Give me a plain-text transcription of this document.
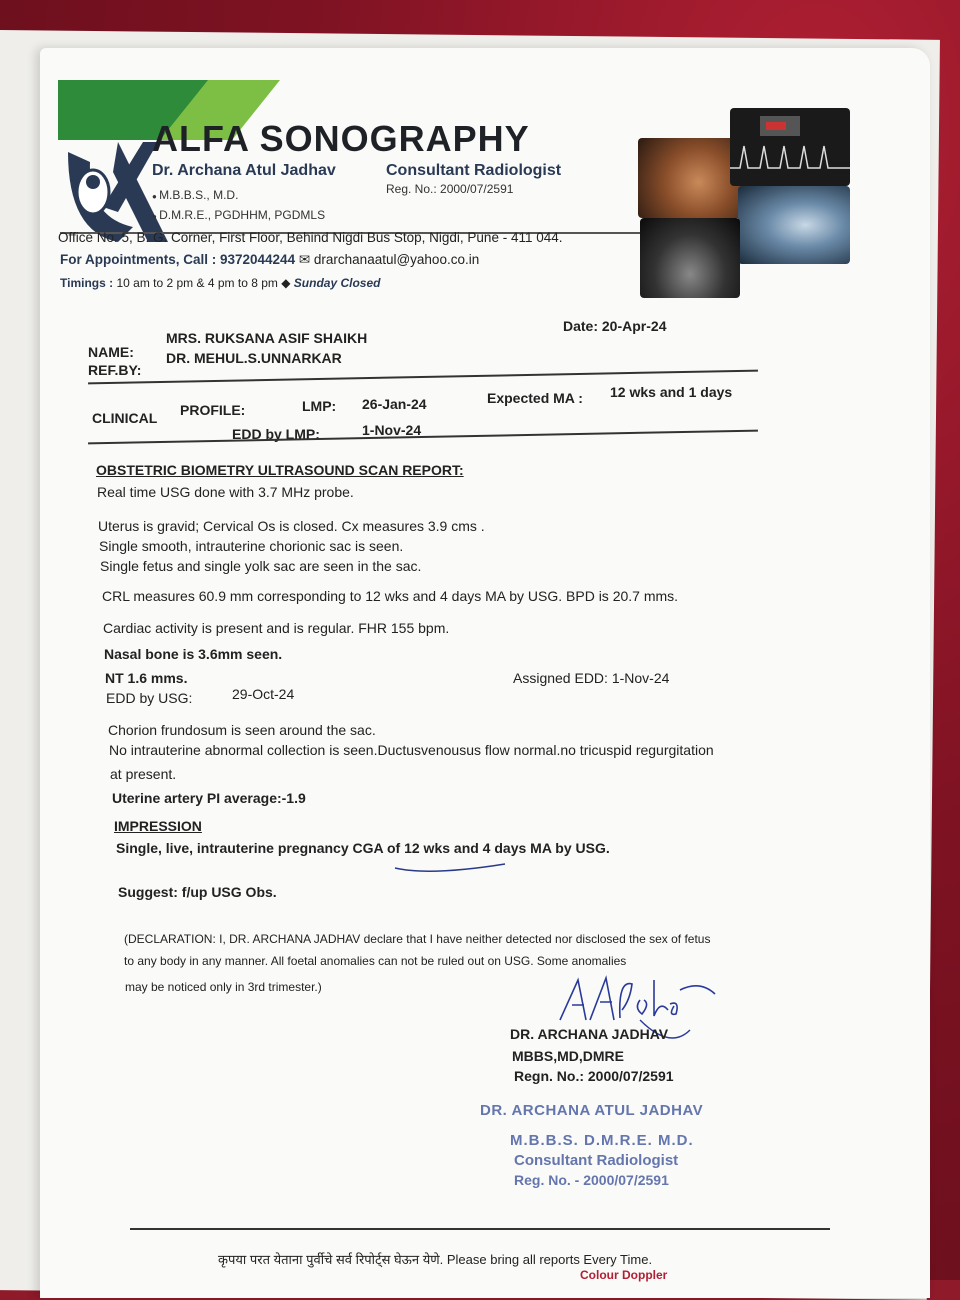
ALFA SONOGRAPHY
Dr. Archana Atul Jadhav	Consultant Radiologist
Reg. No.: 2000/07/2591
● M.B.B.S., M.D.
● D.M.R.E., PGDHHM, PGDMLS
Office No. 5, B. G. Corner, First Floor, Behind Nigdi Bus Stop, Nigdi, Pune - 411 044.
For Appointments, Call : 9372044244 ✉ drarchanaatul@yahoo.co.in
Timings : 10 am to 2 pm & 4 pm to 8 pm ◆ Sunday Closed
Date: 20-Apr-24
NAME:
MRS. RUKSANA ASIF SHAIKH
REF.BY:
DR. MEHUL.S.UNNARKAR
CLINICAL PROFILE:	LMP: 26-Jan-24	Expected MA : 12 wks and 1 days
EDD by LMP:	1-Nov-24
OBSTETRIC BIOMETRY ULTRASOUND SCAN REPORT:
Real time USG done with 3.7 MHz probe.
Uterus is gravid; Cervical Os is closed. Cx measures 3.9 cms .
Single smooth, intrauterine chorionic sac is seen.
Single fetus and single yolk sac are seen in the sac.
CRL measures 60.9 mm corresponding to 12 wks and 4 days MA by USG. BPD is 20.7 mms.
Cardiac activity is present and is regular. FHR 155 bpm.
Nasal bone is 3.6mm seen.
NT 1.6 mms.
EDD by USG:	29-Oct-24
Assigned EDD: 1-Nov-24
Chorion frundosum is seen around the sac.
No intrauterine abnormal collection is seen.Ductusvenousus flow normal.no tricuspid regurgitation
at present.
Uterine artery PI average:-1.9
IMPRESSION
Single, live, intrauterine pregnancy CGA of 12 wks and 4 days MA by USG.
Suggest: f/up USG Obs.
(DECLARATION: I, DR. ARCHANA JADHAV declare that I have neither detected nor disclosed the sex of fetus
to any body in any manner. All foetal anomalies can not be ruled out on USG. Some anomalies
may be noticed only in 3rd trimester.)
DR. ARCHANA JADHAV
MBBS,MD,DMRE
Regn. No.: 2000/07/2591
DR. ARCHANA ATUL JADHAV
M.B.B.S. D.M.R.E. M.D.
Consultant Radiologist
Reg. No. - 2000/07/2591
कृपया परत येताना पुर्वीचे सर्व रिपोर्ट्स घेऊन येणे. Please bring all reports Every Time.
Colour Doppler
